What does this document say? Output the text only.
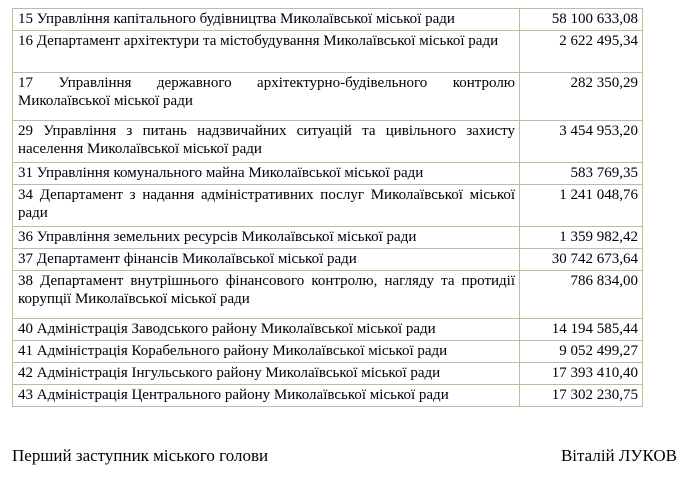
15 Управління капітального будівництва Миколаївської міської ради	58 100 633,08
16 Департамент архітектури та містобудування Миколаївської міської ради	2 622 495,34
17 Управління державного архітектурно-будівельного контролю Миколаївської міської ради	282 350,29
29 Управління з питань надзвичайних ситуацій та цивільного захисту населення Миколаївської міської ради	3 454 953,20
31 Управління комунального майна Миколаївської міської ради	583 769,35
34 Департамент з надання адміністративних послуг Миколаївської міської ради	1 241 048,76
36 Управління земельних ресурсів Миколаївської міської ради	1 359 982,42
37 Департамент фінансів Миколаївської міської ради	30 742 673,64
38 Департамент внутрішнього фінансового контролю, нагляду та протидії корупції Миколаївської міської ради	786 834,00
40 Адміністрація Заводського району Миколаївської міської ради	14 194 585,44
41 Адміністрація Корабельного району Миколаївської міської ради	9 052 499,27
42 Адміністрація Інгульського району Миколаївської міської ради	17 393 410,40
43 Адміністрація Центрального району Миколаївської міської ради	17 302 230,75
Перший заступник міського голови	Віталій ЛУКОВ
